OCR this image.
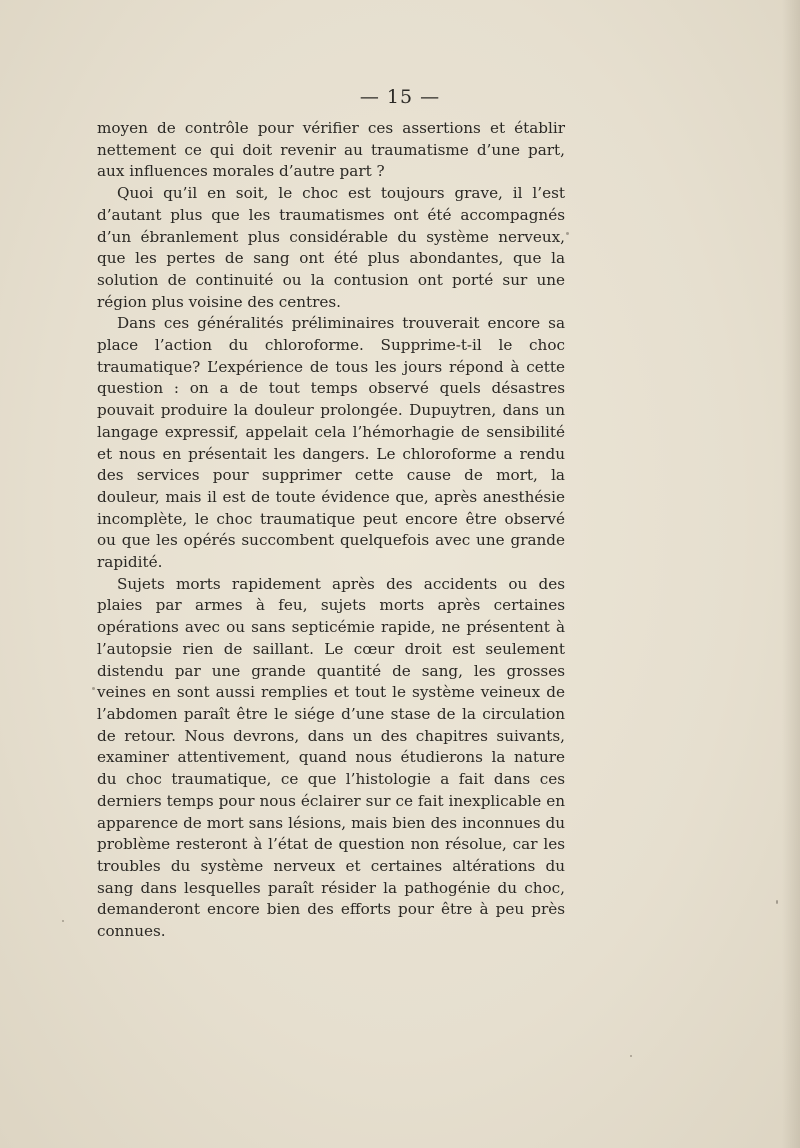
— 15 —

moyen de contrôle pour vérifier ces assertions et établir nettement ce qui doit revenir au traumatisme d’une part, aux influences morales d’autre part ?

Quoi qu’il en soit, le choc est toujours grave, il l’est d’autant plus que les traumatismes ont été accompagnés d’un ébranlement plus considérable du système nerveux, que les pertes de sang ont été plus abondantes, que la solution de continuité ou la contusion ont porté sur une région plus voisine des centres.

Dans ces généralités préliminaires trouverait encore sa place l’action du chloroforme. Supprime-t-il le choc traumatique? L’expérience de tous les jours répond à cette question : on a de tout temps observé quels désastres pouvait produire la douleur prolongée. Dupuytren, dans un langage expressif, appelait cela l’hémorhagie de sensibilité et nous en présentait les dangers. Le chloroforme a rendu des services pour supprimer cette cause de mort, la douleur, mais il est de toute évidence que, après anesthésie incomplète, le choc traumatique peut encore être observé ou que les opérés succombent quelquefois avec une grande rapidité.

Sujets morts rapidement après des accidents ou des plaies par armes à feu, sujets morts après certaines opérations avec ou sans septicémie rapide, ne présentent à l’autopsie rien de saillant. Le cœur droit est seulement distendu par une grande quantité de sang, les grosses veines en sont aussi remplies et tout le système veineux de l’abdomen paraît être le siége d’une stase de la circulation de retour. Nous devrons, dans un des chapitres suivants, examiner attentivement, quand nous étudierons la nature du choc traumatique, ce que l’histologie a fait dans ces derniers temps pour nous éclairer sur ce fait inexplicable en apparence de mort sans lésions, mais bien des inconnues du problème resteront à l’état de question non résolue, car les troubles du système nerveux et certaines altérations du sang dans lesquelles paraît résider la pathogénie du choc, demanderont encore bien des efforts pour être à peu près connues.
